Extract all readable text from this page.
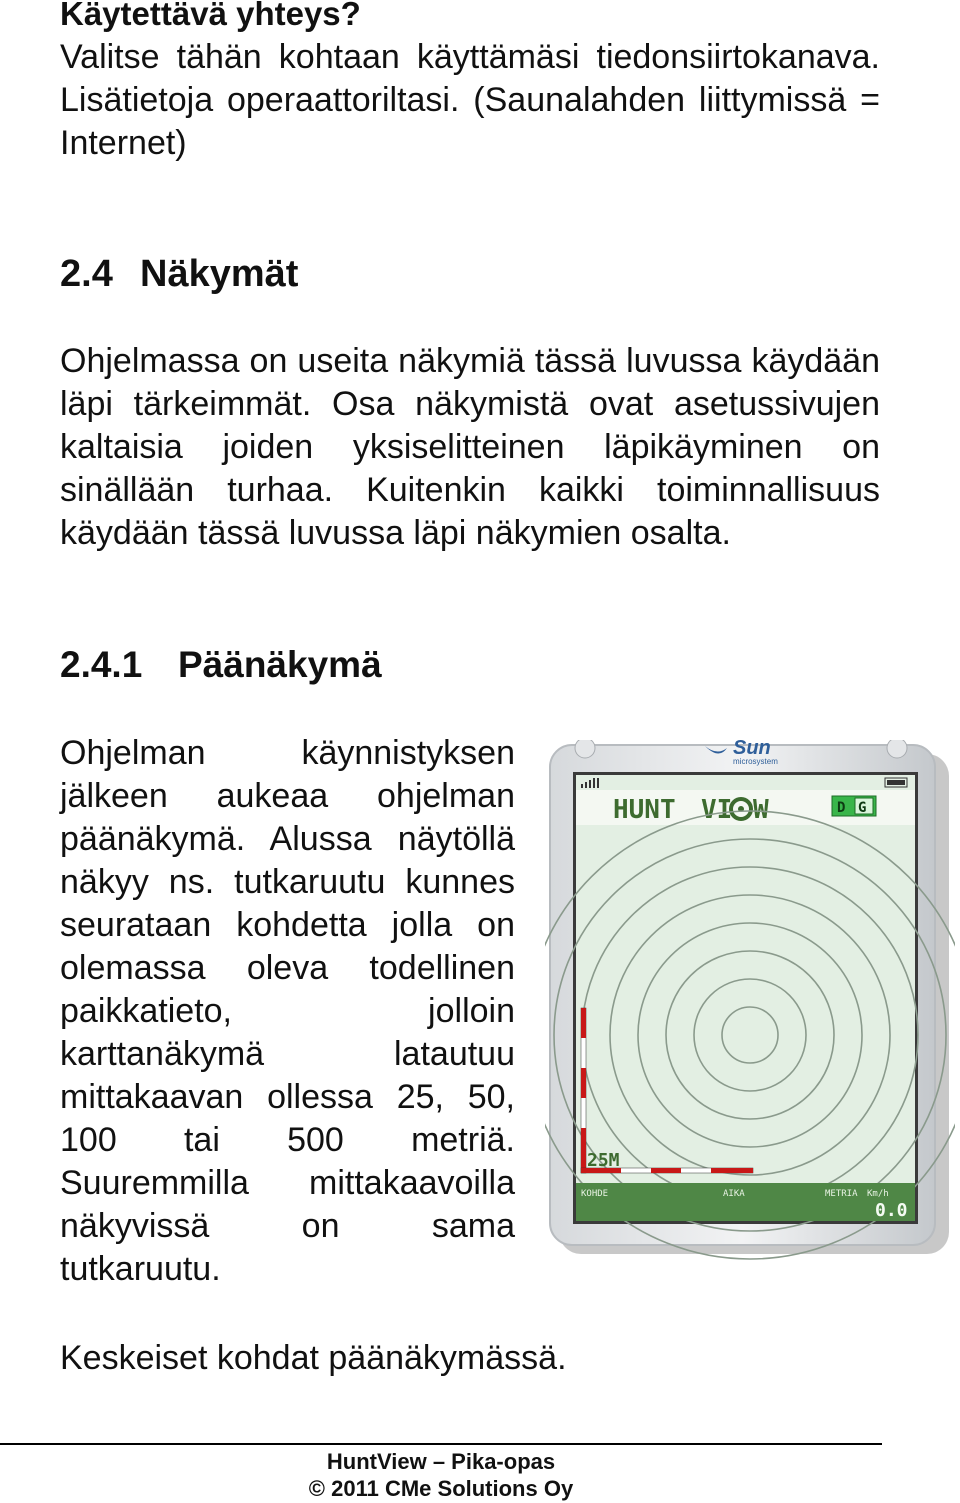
Käytettävä yhteys?

Valitse tähän kohtaan käyttämäsi tiedonsiirtokanava. Lisätietoja operaattoriltasi. (Saunalahden liittymissä = Internet)

2.4 Näkymät

Ohjelmassa on useita näkymiä tässä luvussa käydään läpi tärkeimmät. Osa näkymistä ovat asetussivujen kaltaisia joiden yksiselitteinen läpikäyminen on sinällään turhaa. Kuitenkin kaikki toiminnallisuus käydään tässä luvussa läpi näkymien osalta.

2.4.1 Päänäkymä

Ohjelman käynnistyksen jälkeen aukeaa ohjelman päänäkymä. Alussa näytöllä näkyy ns. tutkaruutu kunnes seurataan kohdetta jolla on olemassa oleva todellinen paikkatieto, jolloin karttanäkymä latautuu mittakaavan ollessa 25, 50, 100 tai 500 metriä. Suuremmilla mittakaavoilla näkyvissä on sama tutkaruutu.

Sun
microsystem
HUNT VI W	D G
25M
KOHDE	AIKA	METRIA Km/h
0.0

Keskeiset kohdat päänäkymässä.

HuntView – Pika-opas
© 2011 CMe Solutions Oy
